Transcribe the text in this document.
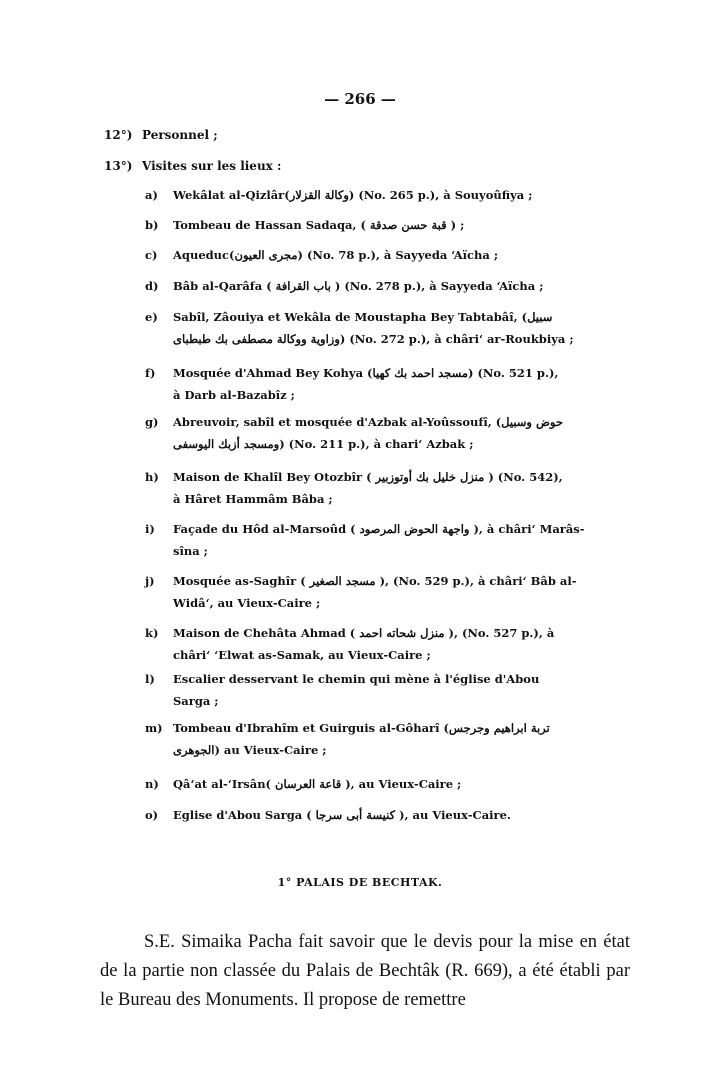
— 266 —
12°) Personnel ;
13°) Visites sur les lieux :
a)	Wekâlat al-Qizlâr(وكالة القزلار) (No. 265 p.), à Souyoûfiya ;
b)	Tombeau de Hassan Sadaqa, ( قبة حسن صدقة ) ;
c)	Aqueduc(مجرى العيون) (No. 78 p.), à Sayyeda ʻAïcha ;
d)	Bâb al-Qarâfa ( باب القرافة ) (No. 278 p.), à Sayyeda ʻAïcha ;
e)	Sabîl, Zâouiya et Wekâla de Moustapha Bey Tabtabâî, (سبيل
وزاوية ووكالة مصطفى بك طبطباى) (No. 272 p.), à châriʻ ar-Roukbiya ;
f)	Mosquée d'Ahmad Bey Kohya (مسجد احمد بك كهيا) (No. 521 p.),
à Darb al-Bazabîz ;
g)	Abreuvoir, sabîl et mosquée d'Azbak al-Yoûssoufî, (حوض وسبيل
ومسجد أزبك اليوسفى) (No. 211 p.), à chariʻ Azbak ;
h)	Maison de Khalîl Bey Otozbîr ( منزل خليل بك أوتوزبير ) (No. 542),
à Hâret Hammâm Bâba ;
i)	Façade du Hôd al-Marsoûd ( واجهة الحوض المرصود ), à châriʻ Marâs-
sîna ;
j)	Mosquée as-Saghîr ( مسجد الصغير ), (No. 529 p.), à châriʻ Bâb al-
Widâʻ, au Vieux-Caire ;
k)	Maison de Chehâta Ahmad ( منزل شحاته احمد ), (No. 527 p.), à
châriʻ ʻElwat as-Samak, au Vieux-Caire ;
l)	Escalier desservant le chemin qui mène à l'église d'Abou
Sarga ;
m) Tombeau d'Ibrahîm et Guirguis al-Gôharî (تربة ابراهيم وجرجس
الجوهرى) au Vieux-Caire ;
n)	Qâʻat al-ʻIrsân( قاعة العرسان ), au Vieux-Caire ;
o)	Eglise d'Abou Sarga ( كنيسة أبى سرجا ), au Vieux-Caire.
1° PALAIS DE BECHTAK.
S.E. Simaika Pacha fait savoir que le devis pour la mise en état de la partie non classée du Palais de Bechtâk (R. 669), a été établi par le Bureau des Monuments. Il propose de remettre
